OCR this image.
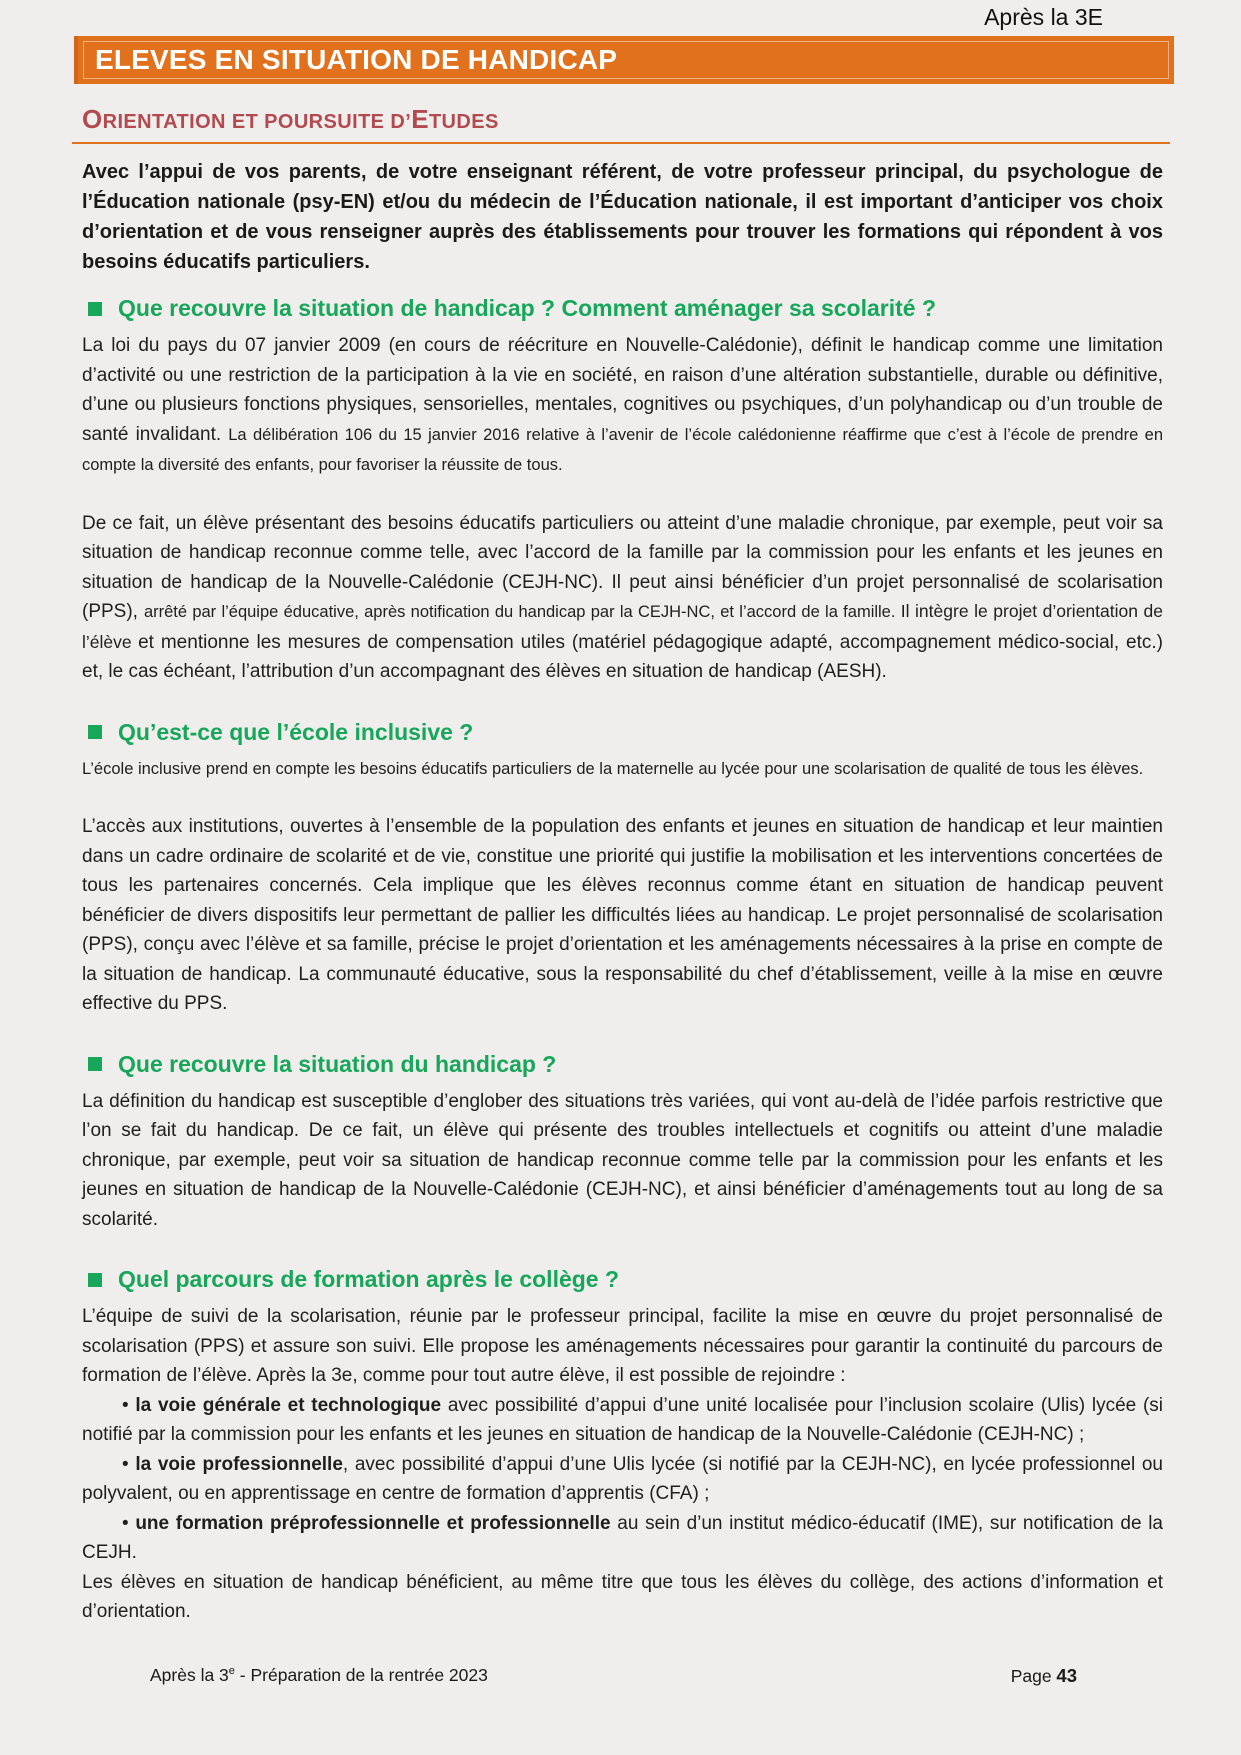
Après la 3E
ELEVES EN SITUATION DE HANDICAP
ORIENTATION ET POURSUITE D’ETUDES

Avec l’appui de vos parents, de votre enseignant référent, de votre professeur principal, du psychologue de l’Éducation nationale (psy-EN) et/ou du médecin de l’Éducation nationale, il est important d’anticiper vos choix d’orientation et de vous renseigner auprès des établissements pour trouver les formations qui répondent à vos besoins éducatifs particuliers.

Que recouvre la situation de handicap ? Comment aménager sa scolarité ?

La loi du pays du 07 janvier 2009 (en cours de réécriture en Nouvelle-Calédonie), définit le handicap comme une limitation d’activité ou une restriction de la participation à la vie en société, en raison d’une altération substantielle, durable ou définitive, d’une ou plusieurs fonctions physiques, sensorielles, mentales, cognitives ou psychiques, d’un polyhandicap ou d’un trouble de santé invalidant. La délibération 106 du 15 janvier 2016 relative à l’avenir de l’école calédonienne réaffirme que c’est à l’école de prendre en compte la diversité des enfants, pour favoriser la réussite de tous.

De ce fait, un élève présentant des besoins éducatifs particuliers ou atteint d’une maladie chronique, par exemple, peut voir sa situation de handicap reconnue comme telle, avec l’accord de la famille par la commission pour les enfants et les jeunes en situation de handicap de la Nouvelle-Calédonie (CEJH-NC). Il peut ainsi bénéficier d’un projet personnalisé de scolarisation (PPS), arrêté par l’équipe éducative, après notification du handicap par la CEJH-NC, et l’accord de la famille. Il intègre le projet d’orientation de l’élève et mentionne les mesures de compensation utiles (matériel pédagogique adapté, accompagnement médico-social, etc.) et, le cas échéant, l’attribution d’un accompagnant des élèves en situation de handicap (AESH).

Qu’est-ce que l’école inclusive ?

L’école inclusive prend en compte les besoins éducatifs particuliers de la maternelle au lycée pour une scolarisation de qualité de tous les élèves.

L’accès aux institutions, ouvertes à l’ensemble de la population des enfants et jeunes en situation de handicap et leur maintien dans un cadre ordinaire de scolarité et de vie, constitue une priorité qui justifie la mobilisation et les interventions concertées de tous les partenaires concernés. Cela implique que les élèves reconnus comme étant en situation de handicap peuvent bénéficier de divers dispositifs leur permettant de pallier les difficultés liées au handicap. Le projet personnalisé de scolarisation (PPS), conçu avec l’élève et sa famille, précise le projet d’orientation et les aménagements nécessaires à la prise en compte de la situation de handicap. La communauté éducative, sous la responsabilité du chef d’établissement, veille à la mise en œuvre effective du PPS.

Que recouvre la situation du handicap ?

La définition du handicap est susceptible d’englober des situations très variées, qui vont au-delà de l’idée parfois restrictive que l’on se fait du handicap. De ce fait, un élève qui présente des troubles intellectuels et cognitifs ou atteint d’une maladie chronique, par exemple, peut voir sa situation de handicap reconnue comme telle par la commission pour les enfants et les jeunes en situation de handicap de la Nouvelle-Calédonie (CEJH-NC), et ainsi bénéficier d’aménagements tout au long de sa scolarité.

Quel parcours de formation après le collège ?

L’équipe de suivi de la scolarisation, réunie par le professeur principal, facilite la mise en œuvre du projet personnalisé de scolarisation (PPS) et assure son suivi. Elle propose les aménagements nécessaires pour garantir la continuité du parcours de formation de l’élève. Après la 3e, comme pour tout autre élève, il est possible de rejoindre :

• la voie générale et technologique avec possibilité d’appui d’une unité localisée pour l’inclusion scolaire (Ulis) lycée (si notifié par la commission pour les enfants et les jeunes en situation de handicap de la Nouvelle-Calédonie (CEJH-NC) ;

• la voie professionnelle, avec possibilité d’appui d’une Ulis lycée (si notifié par la CEJH-NC), en lycée professionnel ou polyvalent, ou en apprentissage en centre de formation d’apprentis (CFA) ;

• une formation préprofessionnelle et professionnelle au sein d’un institut médico-éducatif (IME), sur notification de la CEJH.

Les élèves en situation de handicap bénéficient, au même titre que tous les élèves du collège, des actions d’information et d’orientation.

Après la 3e - Préparation de la rentrée 2023	Page 43
